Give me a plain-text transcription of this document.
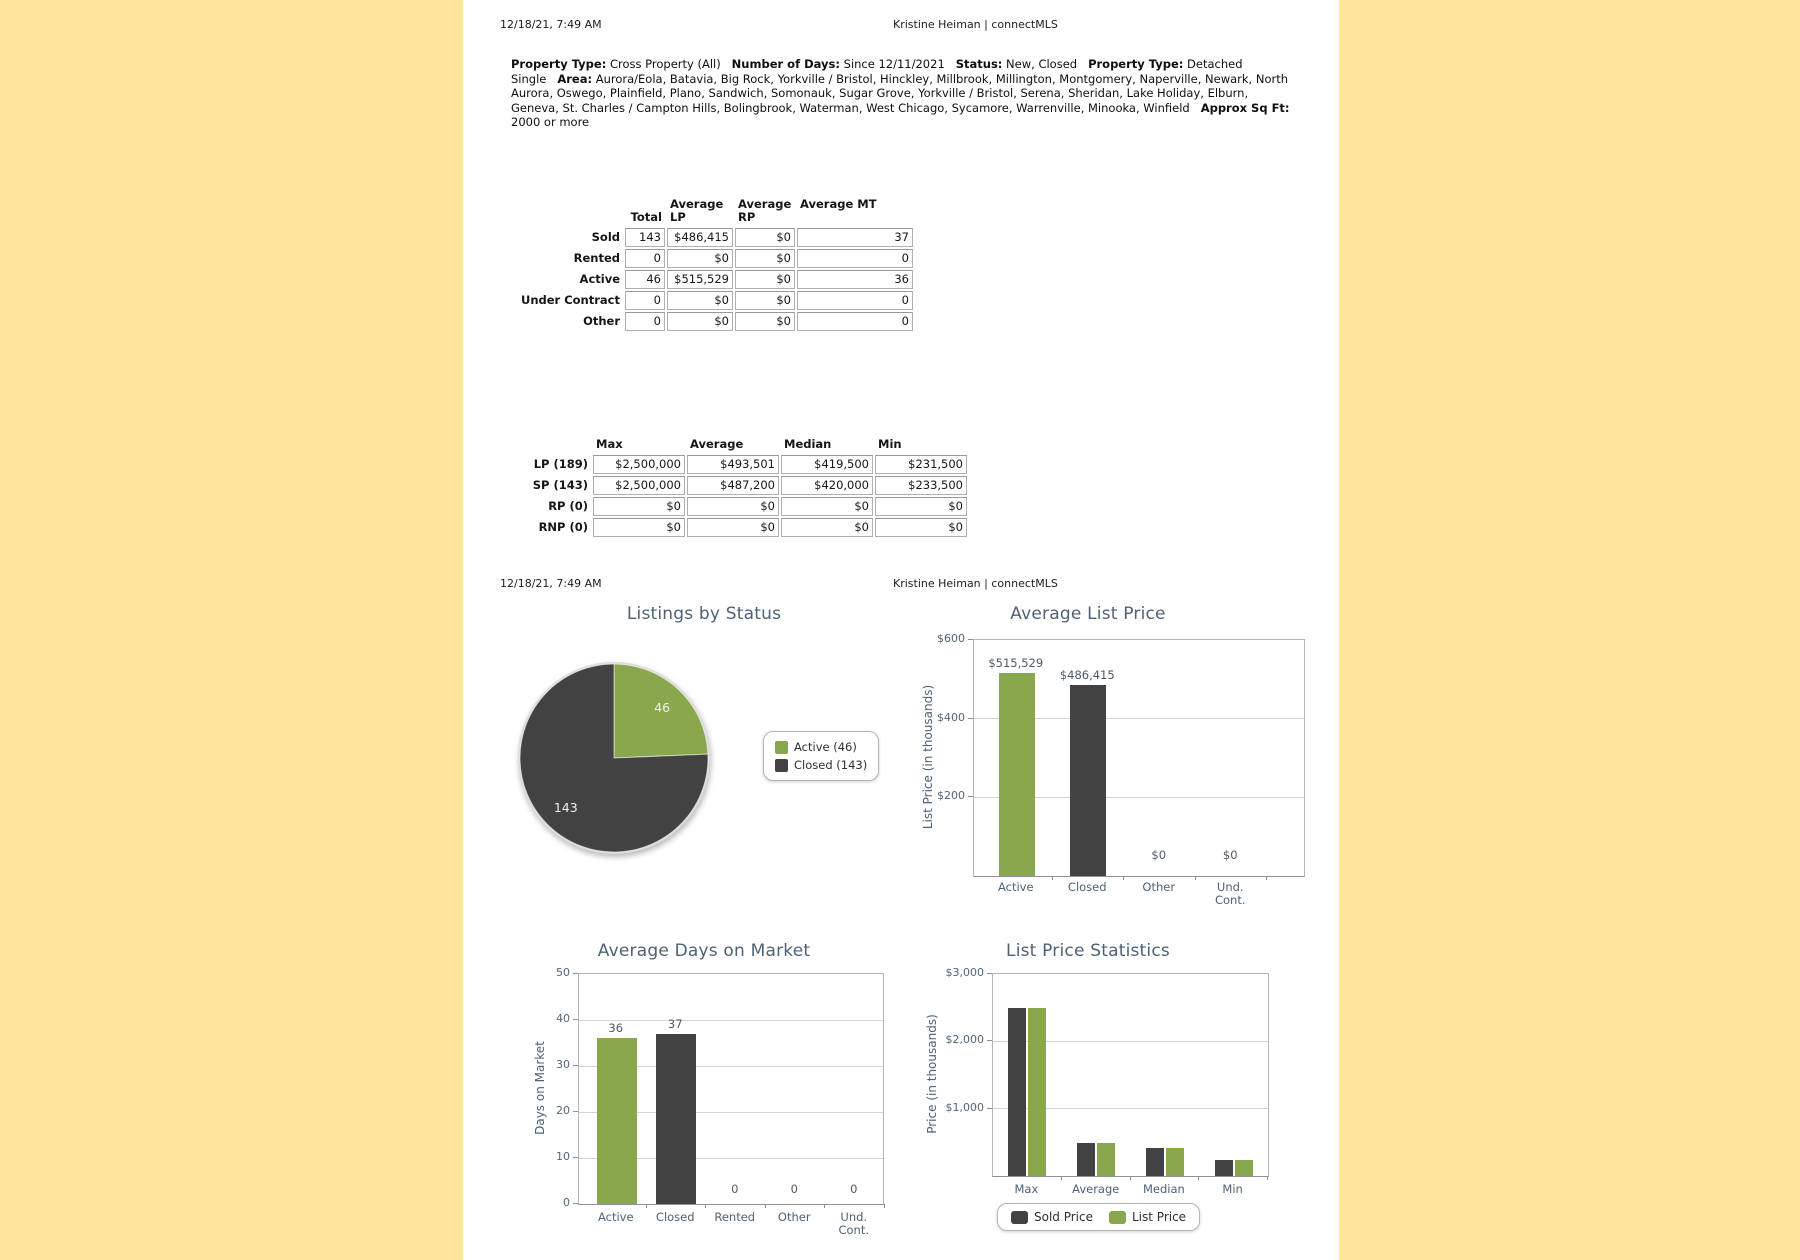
12/18/21, 7:49 AM	Kristine Heiman | connectMLS
Property Type: Cross Property (All) Number of Days: Since 12/11/2021 Status: New, Closed Property Type: Detached Single Area: Aurora/Eola, Batavia, Big Rock, Yorkville / Bristol, Hinckley, Millbrook, Millington, Montgomery, Naperville, Newark, North Aurora, Oswego, Plainfield, Plano, Sandwich, Somonauk, Sugar Grove, Yorkville / Bristol, Serena, Sheridan, Lake Holiday, Elburn, Geneva, St. Charles / Campton Hills, Bolingbrook, Waterman, West Chicago, Sycamore, Warrenville, Minooka, Winfield Approx Sq Ft: 2000 or more
	Total	Average LP	Average RP	Average MT
Sold	143	$486,415	$0	37
Rented	0	$0	$0	0
Active	46	$515,529	$0	36
Under Contract	0	$0	$0	0
Other	0	$0	$0	0
	Max	Average	Median	Min
LP (189)	$2,500,000	$493,501	$419,500	$231,500
SP (143)	$2,500,000	$487,200	$420,000	$233,500
RP (0)	$0	$0	$0	$0
RNP (0)	$0	$0	$0	$0
12/18/21, 7:49 AM	Kristine Heiman | connectMLS
Listings by Status
46
143
Active (46)
Closed (143)
Average List Price
List Price (in thousands)
$600
$400
$200
$515,529
Active
$486,415
Closed
$0
Other
$0
Und. Cont.
Average Days on Market
Days on Market
50
40
30
20
10
0
36
Active
37
Closed
0
Rented
0
Other
0
Und. Cont.
List Price Statistics
Price (in thousands)
$3,000
$2,000
$1,000
Max	Average Median	Min
Sold Price	List Price
